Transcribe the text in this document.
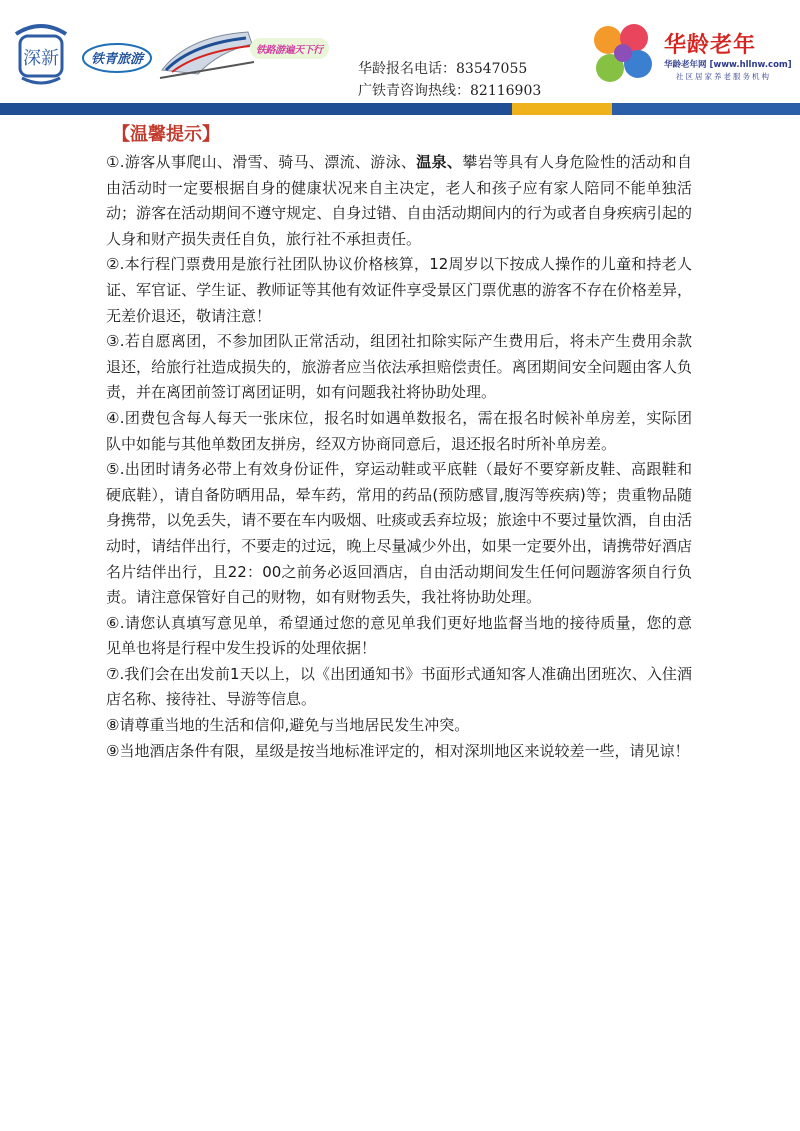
深新 铁青旅游
铁路游遍天下行
华龄报名电话：83547055
广铁青咨询热线：82116903
华龄老年
华龄老年网 [www.hllnw.com]
社区居家养老服务机构
【温馨提示】
①.游客从事爬山、滑雪、骑马、漂流、游泳、温泉、攀岩等具有人身危险性的活动和自由活动时一定要根据自身的健康状况来自主决定，老人和孩子应有家人陪同不能单独活动；游客在活动期间不遵守规定、自身过错、自由活动期间内的行为或者自身疾病引起的人身和财产损失责任自负，旅行社不承担责任。
②.本行程门票费用是旅行社团队协议价格核算，12周岁以下按成人操作的儿童和持老人证、军官证、学生证、教师证等其他有效证件享受景区门票优惠的游客不存在价格差异，无差价退还，敬请注意！
③.若自愿离团，不参加团队正常活动，组团社扣除实际产生费用后，将未产生费用余款退还，给旅行社造成损失的，旅游者应当依法承担赔偿责任。离团期间安全问题由客人负责，并在离团前签订离团证明，如有问题我社将协助处理。
④.团费包含每人每天一张床位，报名时如遇单数报名，需在报名时候补单房差，实际团队中如能与其他单数团友拼房，经双方协商同意后，退还报名时所补单房差。
⑤.出团时请务必带上有效身份证件，穿运动鞋或平底鞋（最好不要穿新皮鞋、高跟鞋和硬底鞋），请自备防晒用品，晕车药，常用的药品(预防感冒,腹泻等疾病)等；贵重物品随身携带，以免丢失，请不要在车内吸烟、吐痰或丢弃垃圾；旅途中不要过量饮酒，自由活动时，请结伴出行，不要走的过远，晚上尽量减少外出，如果一定要外出，请携带好酒店名片结伴出行，且22：00之前务必返回酒店，自由活动期间发生任何问题游客须自行负责。请注意保管好自己的财物，如有财物丢失，我社将协助处理。
⑥.请您认真填写意见单，希望通过您的意见单我们更好地监督当地的接待质量，您的意见单也将是行程中发生投诉的处理依据！
⑦.我们会在出发前1天以上，以《出团通知书》书面形式通知客人准确出团班次、入住酒店名称、接待社、导游等信息。
⑧请尊重当地的生活和信仰,避免与当地居民发生冲突。
⑨当地酒店条件有限，星级是按当地标准评定的，相对深圳地区来说较差一些，请见谅！
